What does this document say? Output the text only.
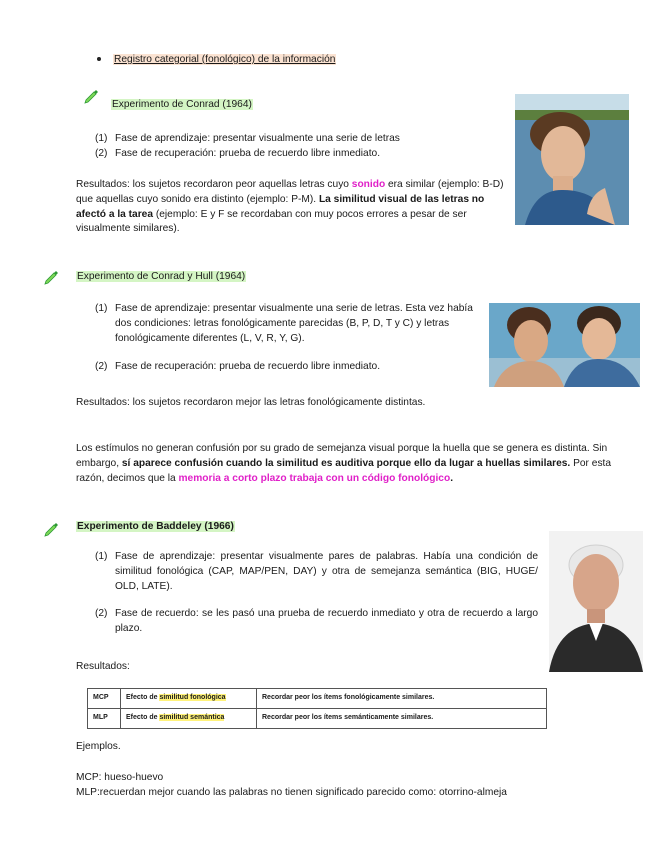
Registro categorial (fonológico) de la información
Experimento de Conrad (1964)
(1) Fase de aprendizaje: presentar visualmente una serie de letras
(2) Fase de recuperación: prueba de recuerdo libre inmediato.
Resultados: los sujetos recordaron peor aquellas letras cuyo sonido era similar (ejemplo: B-D) que aquellas cuyo sonido era distinto (ejemplo: P-M). La similitud visual de las letras no afectó a la tarea (ejemplo: E y F se recordaban con muy pocos errores a pesar de ser visualmente similares).
Experimento de Conrad y Hull (1964)
(1) Fase de aprendizaje: presentar visualmente una serie de letras. Esta vez había dos condiciones: letras fonológicamente parecidas (B, P, D, T y C) y letras fonológicamente diferentes (L, V, R, Y, G).
(2) Fase de recuperación: prueba de recuerdo libre inmediato.
Resultados: los sujetos recordaron mejor las letras fonológicamente distintas.
Los estímulos no generan confusión por su grado de semejanza visual porque la huella que se genera es distinta. Sin embargo, sí aparece confusión cuando la similitud es auditiva porque ello da lugar a huellas similares. Por esta razón, decimos que la memoria a corto plazo trabaja con un código fonológico.
Experimento de Baddeley (1966)
(1) Fase de aprendizaje: presentar visualmente pares de palabras. Había una condición de similitud fonológica (CAP, MAP/PEN, DAY) y otra de semejanza semántica (BIG, HUGE/ OLD, LATE).
(2) Fase de recuerdo: se les pasó una prueba de recuerdo inmediato y otra de recuerdo a largo plazo.
Resultados:
MCP	Efecto de similitud fonológica	Recordar peor los ítems fonológicamente similares.
MLP	Efecto de similitud semántica	Recordar peor los ítems semánticamente similares.
Ejemplos.
MCP: hueso-huevo
MLP:recuerdan mejor cuando las palabras no tienen significado parecido como: otorrino-almeja
